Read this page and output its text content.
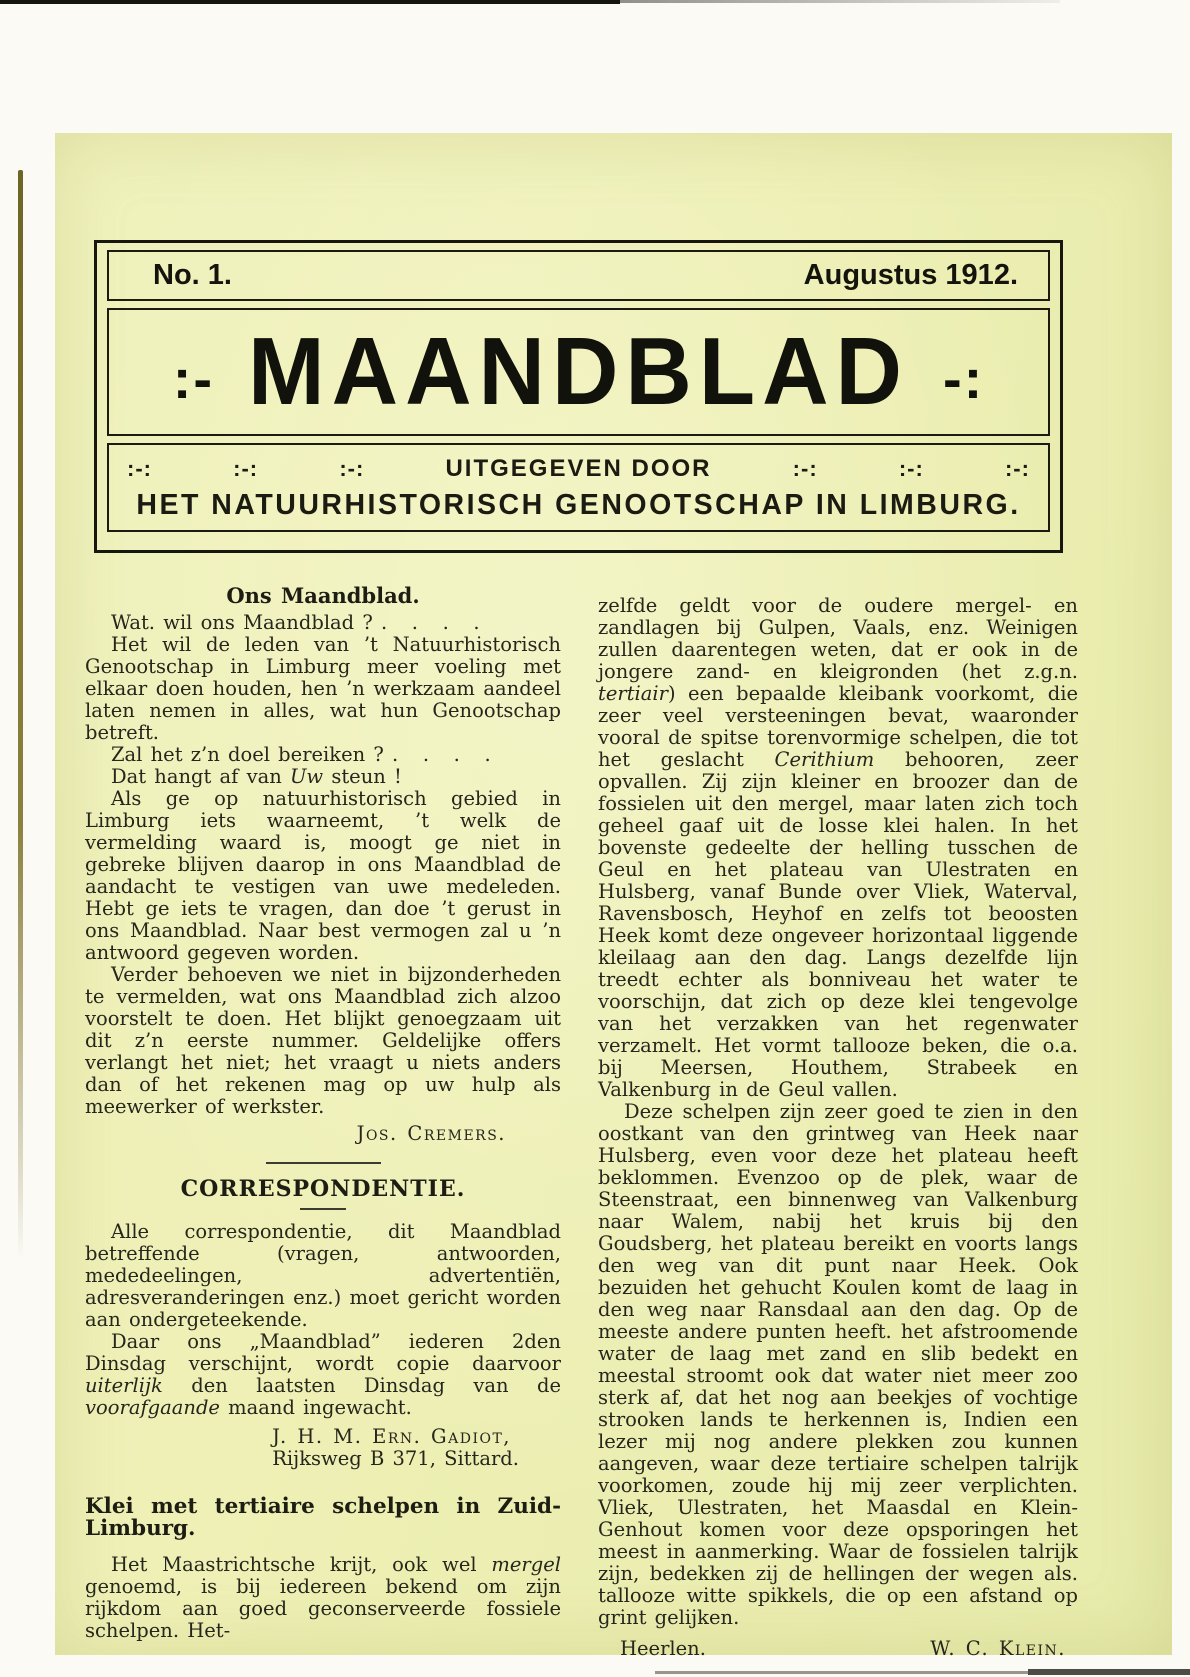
No. 1.	Augustus 1912.
:- MAANDBLAD -:
:-:	:-:	:-:	UITGEGEVEN DOOR	:-:	:-:	:-:
HET NATUURHISTORISCH GENOOTSCHAP IN LIMBURG.
Ons Maandblad.

Wat. wil ons Maandblad ? .   .   .   .

Het wil de leden van ’t Natuurhistorisch Genootschap in Limburg meer voeling met elkaar doen houden, hen ’n werkzaam aandeel laten nemen in alles, wat hun Genootschap betreft.

Zal het z’n doel bereiken ? .   .   .   .

Dat hangt af van Uw steun !

Als ge op natuurhistorisch gebied in Limburg iets waarneemt, ’t welk de vermelding waard is, moogt ge niet in gebreke blijven daarop in ons Maandblad de aandacht te vestigen van uwe medeleden. Hebt ge iets te vragen, dan doe ’t gerust in ons Maandblad. Naar best vermogen zal u ’n antwoord gegeven worden.

Verder behoeven we niet in bijzonderheden te vermelden, wat ons Maandblad zich alzoo voorstelt te doen. Het blijkt genoegzaam uit dit z’n eerste nummer. Geldelijke offers verlangt het niet; het vraagt u niets anders dan of het rekenen mag op uw hulp als meewerker of werkster.

Jos. Cremers.
CORRESPONDENTIE.

Alle correspondentie, dit Maandblad betreffende (vragen, antwoorden, mededeelingen, advertentiën, adresveranderingen enz.) moet gericht worden aan ondergeteekende.

Daar ons „Maandblad” iederen 2den Dinsdag verschijnt, wordt copie daarvoor uiterlijk den laatsten Dinsdag van de voorafgaande maand ingewacht.

J. H. M. Ern. Gadiot,
Rijksweg B 371, Sittard.
Klei met tertiaire schelpen in Zuid-Limburg.

Het Maastrichtsche krijt, ook wel mergel genoemd, is bij iedereen bekend om zijn rijkdom aan goed geconserveerde fossiele schelpen. Het-

zelfde geldt voor de oudere mergel- en zandlagen bij Gulpen, Vaals, enz. Weinigen zullen daarentegen weten, dat er ook in de jongere zand- en kleigronden (het z.g.n. tertiair) een bepaalde kleibank voorkomt, die zeer veel versteeningen bevat, waaronder vooral de spitse torenvormige schelpen, die tot het geslacht Cerithium behooren, zeer opvallen. Zij zijn kleiner en broozer dan de fossielen uit den mergel, maar laten zich toch geheel gaaf uit de losse klei halen. In het bovenste gedeelte der helling tusschen de Geul en het plateau van Ulestraten en Hulsberg, vanaf Bunde over Vliek, Waterval, Ravensbosch, Heyhof en zelfs tot beoosten Heek komt deze ongeveer horizontaal liggende kleilaag aan den dag. Langs dezelfde lijn treedt echter als bonniveau het water te voorschijn, dat zich op deze klei tengevolge van het verzakken van het regenwater verzamelt. Het vormt tallooze beken, die o.a. bij Meersen, Houthem, Strabeek en Valkenburg in de Geul vallen.

Deze schelpen zijn zeer goed te zien in den oostkant van den grintweg van Heek naar Hulsberg, even voor deze het plateau heeft beklommen. Evenzoo op de plek, waar de Steenstraat, een binnenweg van Valkenburg naar Walem, nabij het kruis bij den Goudsberg, het plateau bereikt en voorts langs den weg van dit punt naar Heek. Ook bezuiden het gehucht Koulen komt de laag in den weg naar Ransdaal aan den dag. Op de meeste andere punten heeft. het afstroomende water de laag met zand en slib bedekt en meestal stroomt ook dat water niet meer zoo sterk af, dat het nog aan beekjes of vochtige strooken lands te herkennen is, Indien een lezer mij nog andere plekken zou kunnen aangeven, waar deze tertiaire schelpen talrijk voorkomen, zoude hij mij zeer verplichten. Vliek, Ulestraten, het Maasdal en Klein-Genhout komen voor deze opsporingen het meest in aanmerking. Waar de fossielen talrijk zijn, bedekken zij de hellingen der wegen als. tallooze witte spikkels, die op een afstand op grint gelijken.

Heerlen.	W. C. Klein.
